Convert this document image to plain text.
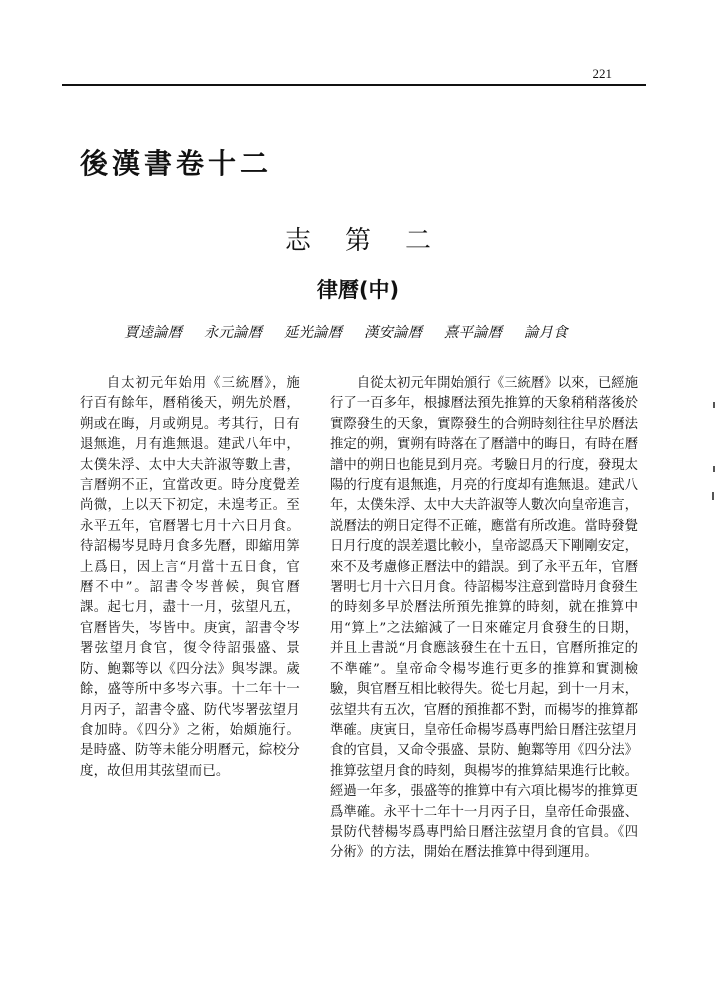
221
後漢書卷十二
志第二
律曆(中)
賈逵論曆 永元論曆 延光論曆 漢安論曆 熹平論曆 論月食

自太初元年始用《三統曆》，施行百有餘年，曆稍後天，朔先於曆，朔或在晦，月或朔見。考其行，日有退無進，月有進無退。建武八年中，太僕朱浮、太中大夫許淑等數上書，言曆朔不正，宜當改更。時分度覺差尚微，上以天下初定，未遑考正。至永平五年，官曆署七月十六日月食。待詔楊岑見時月食多先曆，即縮用筭上爲日，因上言“月當十五日食，官曆不中”。詔書令岑普候，與官曆課。起七月，盡十一月，弦望凡五，官曆皆失，岑皆中。庚寅，詔書令岑署弦望月食官，復令待詔張盛、景防、鮑鄴等以《四分法》與岑課。歲餘，盛等所中多岑六事。十二年十一月丙子，詔書令盛、防代岑署弦望月食加時。《四分》之術，始頗施行。是時盛、防等未能分明曆元，綜校分度，故但用其弦望而已。

自從太初元年開始頒行《三統曆》以來，已經施行了一百多年，根據曆法預先推算的天象稍稍落後於實際發生的天象，實際發生的合朔時刻往往早於曆法推定的朔，實朔有時落在了曆譜中的晦日，有時在曆譜中的朔日也能見到月亮。考驗日月的行度，發現太陽的行度有退無進，月亮的行度却有進無退。建武八年，太僕朱浮、太中大夫許淑等人數次向皇帝進言，説曆法的朔日定得不正確，應當有所改進。當時發覺日月行度的誤差還比較小，皇帝認爲天下剛剛安定，來不及考慮修正曆法中的錯誤。到了永平五年，官曆署明七月十六日月食。待詔楊岑注意到當時月食發生的時刻多早於曆法所預先推算的時刻，就在推算中用“算上”之法縮減了一日來確定月食發生的日期，并且上書説“月食應該發生在十五日，官曆所推定的不準確”。皇帝命令楊岑進行更多的推算和實測檢驗，與官曆互相比較得失。從七月起，到十一月末，弦望共有五次，官曆的預推都不對，而楊岑的推算都準確。庚寅日，皇帝任命楊岑爲專門給日曆注弦望月食的官員，又命令張盛、景防、鮑鄴等用《四分法》推算弦望月食的時刻，與楊岑的推算結果進行比較。經過一年多，張盛等的推算中有六項比楊岑的推算更爲準確。永平十二年十一月丙子日，皇帝任命張盛、景防代替楊岑爲專門給日曆注弦望月食的官員。《四分術》的方法，開始在曆法推算中得到運用。
